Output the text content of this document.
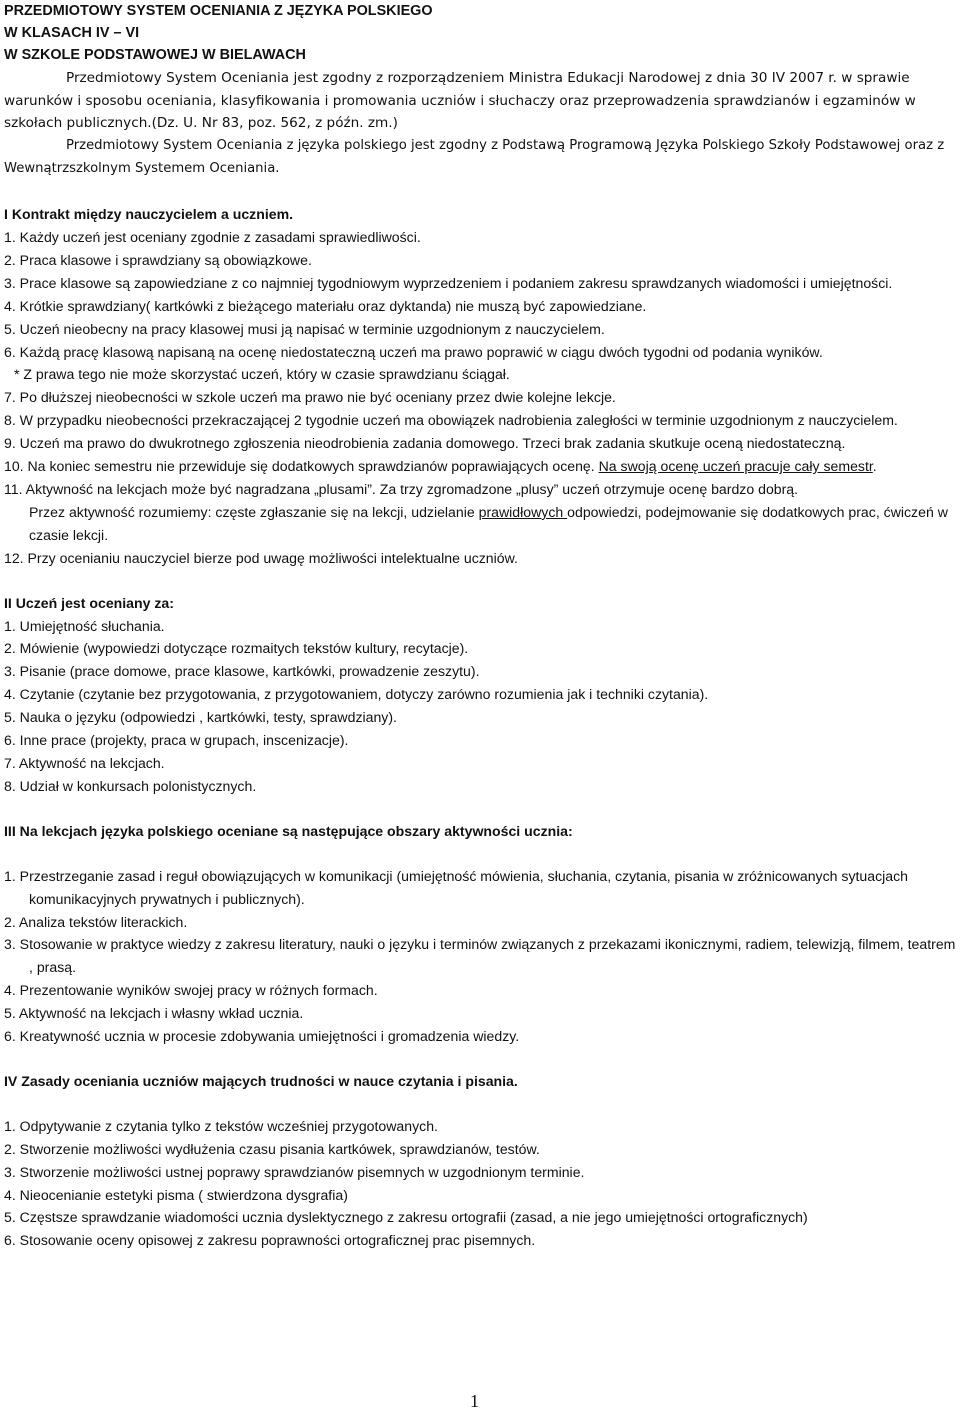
PRZEDMIOTOWY SYSTEM OCENIANIA Z JĘZYKA POLSKIEGO

W KLASACH IV – VI

W SZKOLE PODSTAWOWEJ W BIELAWACH

Przedmiotowy System Oceniania jest zgodny z rozporządzeniem Ministra Edukacji Narodowej z dnia 30 IV 2007 r. w sprawie warunków i sposobu oceniania, klasyfikowania i promowania uczniów i słuchaczy oraz przeprowadzenia sprawdzianów i egzaminów w szkołach publicznych.(Dz. U. Nr 83, poz. 562, z późn. zm.)

Przedmiotowy System Oceniania z języka polskiego jest zgodny z Podstawą Programową Języka Polskiego Szkoły Podstawowej oraz z Wewnątrzszkolnym Systemem Oceniania.

I Kontrakt między nauczycielem a uczniem.

1. Każdy uczeń jest oceniany zgodnie z zasadami sprawiedliwości.

2. Praca klasowe i sprawdziany są obowiązkowe.

3. Prace klasowe są zapowiedziane z co najmniej tygodniowym wyprzedzeniem i podaniem zakresu sprawdzanych wiadomości i umiejętności.

4. Krótkie sprawdziany( kartkówki z bieżącego materiału oraz dyktanda) nie muszą być zapowiedziane.

5. Uczeń nieobecny na pracy klasowej musi ją napisać w terminie uzgodnionym z nauczycielem.

6. Każdą pracę klasową napisaną na ocenę niedostateczną uczeń ma prawo poprawić w ciągu dwóch tygodni od podania wyników.

* Z prawa tego nie może skorzystać uczeń, który w czasie sprawdzianu ściągał.

7. Po dłuższej nieobecności w szkole uczeń ma prawo nie być oceniany przez dwie kolejne lekcje.

8. W przypadku nieobecności przekraczającej 2 tygodnie uczeń ma obowiązek nadrobienia zaległości w terminie uzgodnionym z nauczycielem.

9. Uczeń ma prawo do dwukrotnego zgłoszenia nieodrobienia zadania domowego. Trzeci brak zadania skutkuje oceną niedostateczną.

10. Na koniec semestru nie przewiduje się dodatkowych sprawdzianów poprawiających ocenę. Na swoją ocenę uczeń pracuje cały semestr.

11. Aktywność na lekcjach może być nagradzana „plusami”. Za trzy zgromadzone „plusy” uczeń otrzymuje ocenę bardzo dobrą.

Przez aktywność rozumiemy: częste zgłaszanie się na lekcji, udzielanie prawidłowych odpowiedzi, podejmowanie się dodatkowych prac, ćwiczeń w czasie lekcji.

12. Przy ocenianiu nauczyciel bierze pod uwagę możliwości intelektualne uczniów.

II Uczeń jest oceniany za:

1. Umiejętność słuchania.

2. Mówienie (wypowiedzi dotyczące rozmaitych tekstów kultury, recytacje).

3. Pisanie (prace domowe, prace klasowe, kartkówki, prowadzenie zeszytu).

4. Czytanie (czytanie bez przygotowania, z przygotowaniem, dotyczy zarówno rozumienia jak i techniki czytania).

5. Nauka o języku (odpowiedzi , kartkówki, testy, sprawdziany).

6. Inne prace (projekty, praca w grupach, inscenizacje).

7. Aktywność na lekcjach.

8. Udział w konkursach polonistycznych.

III Na lekcjach języka polskiego oceniane są następujące obszary aktywności ucznia:

1. Przestrzeganie zasad i reguł obowiązujących w komunikacji (umiejętność mówienia, słuchania, czytania, pisania w zróżnicowanych sytuacjach komunikacyjnych prywatnych i publicznych).

2. Analiza tekstów literackich.

3. Stosowanie w praktyce wiedzy z zakresu literatury, nauki o języku i terminów związanych z przekazami ikonicznymi, radiem, telewizją, filmem, teatrem , prasą.

4. Prezentowanie wyników swojej pracy w różnych formach.

5. Aktywność na lekcjach i własny wkład ucznia.

6. Kreatywność ucznia w procesie zdobywania umiejętności i gromadzenia wiedzy.

IV Zasady oceniania uczniów mających trudności w nauce czytania i pisania.

1. Odpytywanie z czytania tylko z tekstów wcześniej przygotowanych.

2. Stworzenie możliwości wydłużenia czasu pisania kartkówek, sprawdzianów, testów.

3. Stworzenie możliwości ustnej poprawy sprawdzianów pisemnych w uzgodnionym terminie.

4. Nieocenianie estetyki pisma ( stwierdzona dysgrafia)

5. Częstsze sprawdzanie wiadomości ucznia dyslektycznego z zakresu ortografii (zasad, a nie jego umiejętności ortograficznych)

6. Stosowanie oceny opisowej z zakresu poprawności ortograficznej prac pisemnych.

1
